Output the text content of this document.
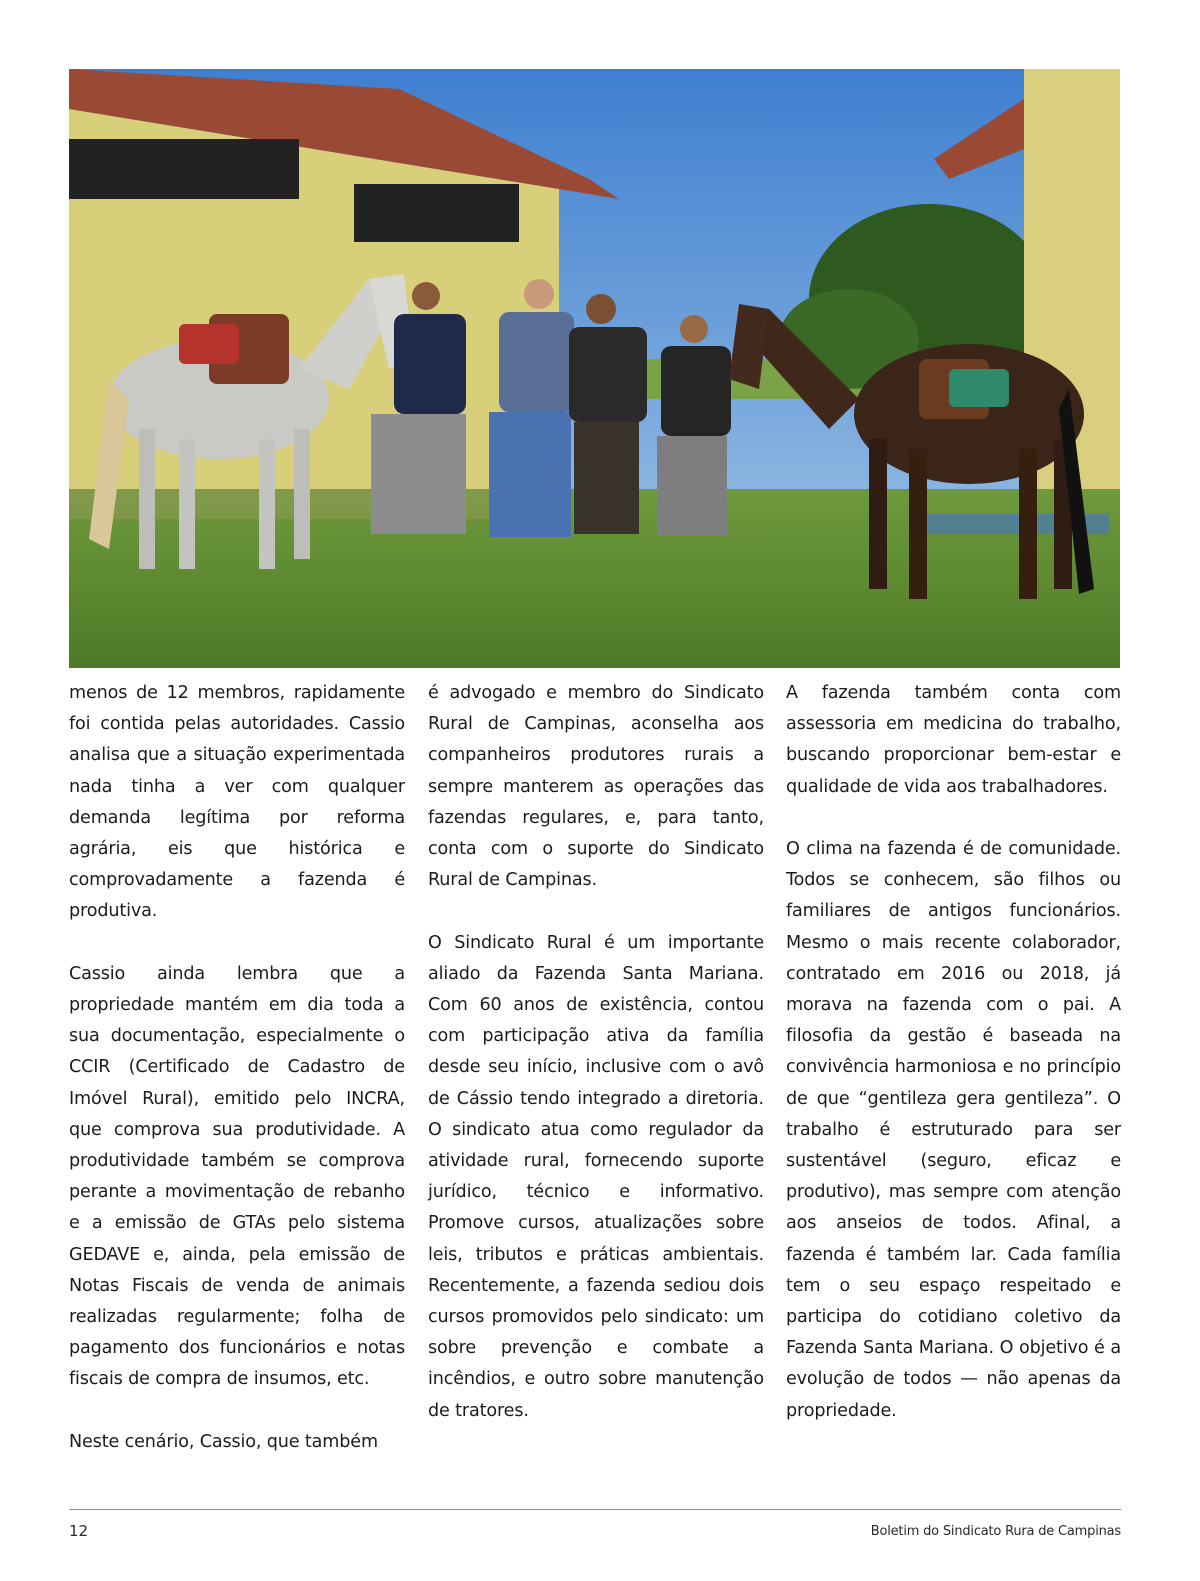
menos de 12 membros, rapidamente foi contida pelas autoridades. Cassio analisa que a situação experimentada nada tinha a ver com qualquer demanda legítima por reforma agrária, eis que histórica e comprovadamente a fazenda é produtiva.

Cassio ainda lembra que a propriedade mantém em dia toda a sua documentação, especialmente o CCIR (Certificado de Cadastro de Imóvel Rural), emitido pelo INCRA, que comprova sua produtividade. A produtividade também se comprova perante a movimentação de rebanho e a emissão de GTAs pelo sistema GEDAVE e, ainda, pela emissão de Notas Fiscais de venda de animais realizadas regularmente; folha de pagamento dos funcionários e notas fiscais de compra de insumos, etc.

Neste cenário, Cassio, que também

é advogado e membro do Sindicato Rural de Campinas, aconselha aos companheiros produtores rurais a sempre manterem as operações das fazendas regulares, e, para tanto, conta com o suporte do Sindicato Rural de Campinas.

O Sindicato Rural é um importante aliado da Fazenda Santa Mariana. Com 60 anos de existência, contou com participação ativa da família desde seu início, inclusive com o avô de Cássio tendo integrado a diretoria. O sindicato atua como regulador da atividade rural, fornecendo suporte jurídico, técnico e informativo. Promove cursos, atualizações sobre leis, tributos e práticas ambientais. Recentemente, a fazenda sediou dois cursos promovidos pelo sindicato: um sobre prevenção e combate a incêndios, e outro sobre manutenção de tratores.

A fazenda também conta com assessoria em medicina do trabalho, buscando proporcionar bem-estar e qualidade de vida aos trabalhadores.

O clima na fazenda é de comunidade. Todos se conhecem, são filhos ou familiares de antigos funcionários. Mesmo o mais recente colaborador, contratado em 2016 ou 2018, já morava na fazenda com o pai. A filosofia da gestão é baseada na convivência harmoniosa e no princípio de que “gentileza gera gentileza”. O trabalho é estruturado para ser sustentável (seguro, eficaz e produtivo), mas sempre com atenção aos anseios de todos. Afinal, a fazenda é também lar. Cada família tem o seu espaço respeitado e participa do cotidiano coletivo da Fazenda Santa Mariana. O objetivo é a evolução de todos — não apenas da propriedade.

12	Boletim do Sindicato Rura de Campinas
